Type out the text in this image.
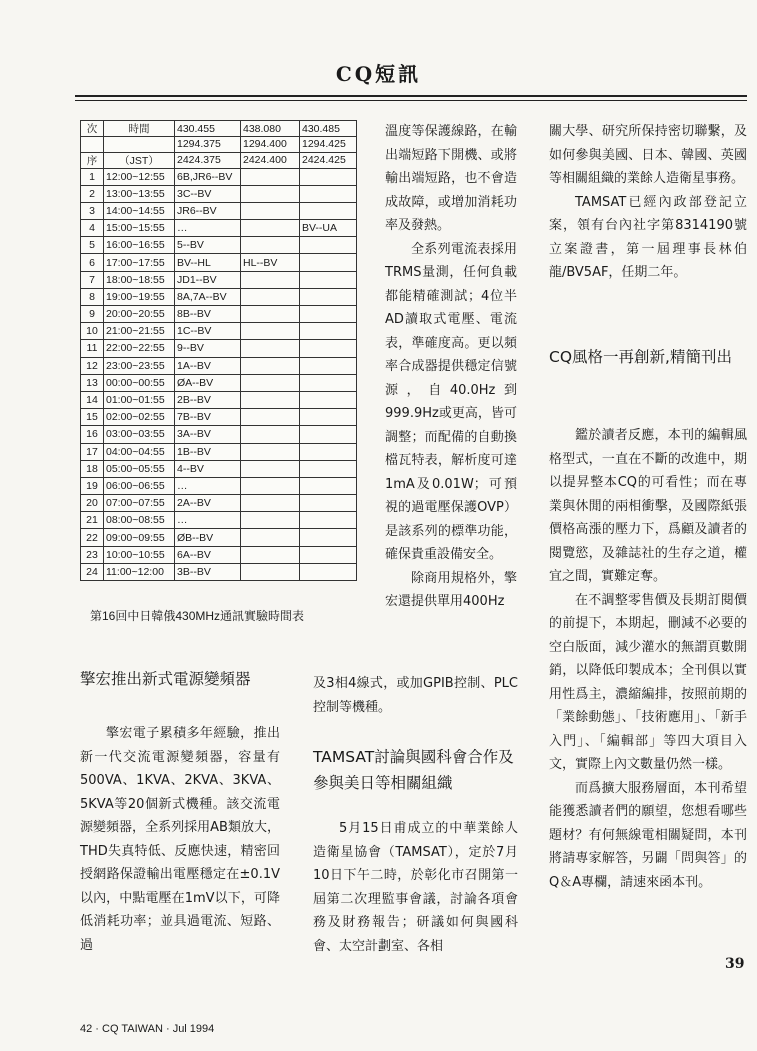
CQ短訊
次	時間	430.455	438.080	430.485
		1294.375	1294.400	1294.425
序	（JST）	2424.375	2424.400	2424.425
1	12:00~12:55	6B,JR6--BV		
2	13:00~13:55	3C--BV		
3	14:00~14:55	JR6--BV		
4	15:00~15:55	…		BV--UA
5	16:00~16:55	5--BV		
6	17:00~17:55	BV--HL	HL--BV	
7	18:00~18:55	JD1--BV		
8	19:00~19:55	8A,7A--BV		
9	20:00~20:55	8B--BV		
10	21:00~21:55	1C--BV		
11	22:00~22:55	9--BV		
12	23:00~23:55	1A--BV		
13	00:00~00:55	ØA--BV		
14	01:00~01:55	2B--BV		
15	02:00~02:55	7B--BV		
16	03:00~03:55	3A--BV		
17	04:00~04:55	1B--BV		
18	05:00~05:55	4--BV		
19	06:00~06:55	…		
20	07:00~07:55	2A--BV		
21	08:00~08:55	…		
22	09:00~09:55	ØB--BV		
23	10:00~10:55	6A--BV		
24	11:00~12:00	3B--BV		
第16回中日韓俄430MHz通訊實驗時間表
擎宏推出新式電源變頻器

擎宏電子累積多年經驗，推出新一代交流電源變頻器，容量有500VA、1KVA、2KVA、3KVA、5KVA等20個新式機種。該交流電源變頻器，全系列採用AB類放大，THD失真特低、反應快速，精密回授網路保證輸出電壓穩定在±0.1V以內，中點電壓在1mV以下，可降低消耗功率；並具過電流、短路、過

溫度等保護線路，在輸出端短路下開機、或將輸出端短路，也不會造成故障，或增加消耗功率及發熱。

全系列電流表採用TRMS量測，任何負載都能精確測試；4位半AD讀取式電壓、電流表，準確度高。更以頻率合成器提供穩定信號源，自40.0Hz到999.9Hz或更高，皆可調整；而配備的自動換檔瓦特表，解析度可達1mA及0.01W；可預視的過電壓保護OVP）是該系列的標準功能，確保貴重設備安全。

除商用規格外，擎宏還提供單用400Hz

及3相4線式，或加GPIB控制、PLC控制等機種。

TAMSAT討論與國科會合作及參與美日等相關組織

5月15日甫成立的中華業餘人造衛星協會（TAMSAT），定於7月10日下午二時，於彰化市召開第一屆第二次理監事會議，討論各項會務及財務報告；研議如何與國科會、太空計劃室、各相

關大學、研究所保持密切聯繫，及如何參與美國、日本、韓國、英國等相關組織的業餘人造衛星事務。

TAMSAT已經內政部登記立案，領有台內社字第8314190號立案證書，第一屆理事長林伯龍/BV5AF，任期二年。

CQ風格一再創新,精簡刊出

鑑於讀者反應，本刊的編輯風格型式，一直在不斷的改進中，期以提昇整本CQ的可看性；而在專業與休閒的兩相衝擊，及國際紙張價格高漲的壓力下，爲顧及讀者的閱覽慾，及雜誌社的生存之道，權宜之間，實難定奪。

在不調整零售價及長期訂閱價的前提下，本期起，刪減不必要的空白版面，減少灌水的無謂頁數開銷，以降低印製成本；全刊俱以實用性爲主，濃縮編排，按照前期的「業餘動態」、「技術應用」、「新手入門」、「編輯部」等四大項目入文，實際上內文數量仍然一樣。

而爲擴大服務層面，本刊希望能獲悉讀者們的願望，您想看哪些題材？有何無線電相關疑問，本刊將請專家解答，另闢「問與答」的Q＆A專欄，請速來函本刊。

39
42 · CQ TAIWAN · Jul 1994
